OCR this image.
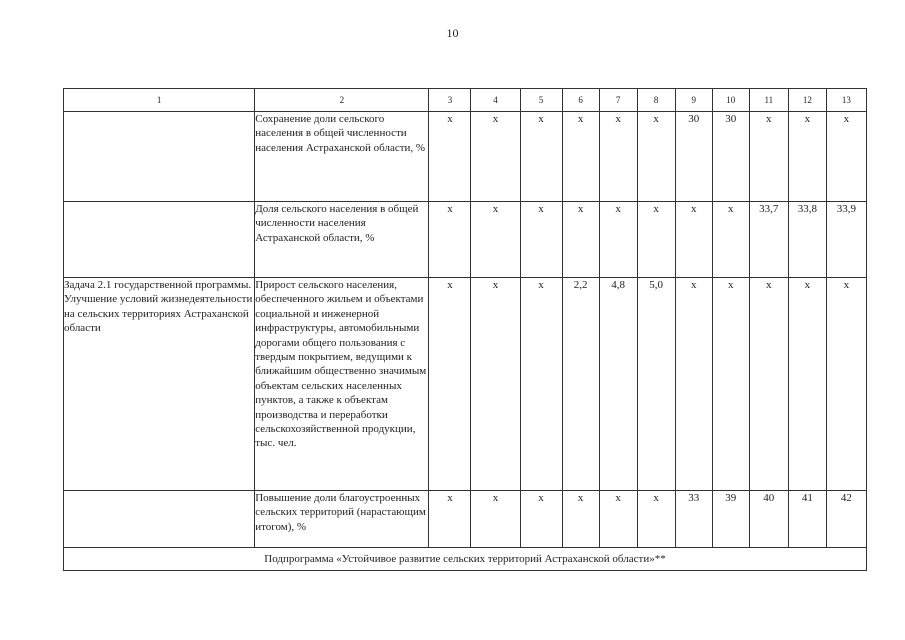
10
1	2	3	4	5	6	7	8	9	10	11	12	13
	Сохранение доли сельского населения в общей численности населения Астраханской области, %	x	x	x	x	x	x	30	30	x	x	x
	Доля сельского населения в общей численности населения Астраханской области, %	x	x	x	x	x	x	x	x	33,7	33,8	33,9
Задача 2.1 государственной программы. Улучшение условий жизнедеятельности на сельских территориях Астраханской области	Прирост сельского населения, обеспеченного жильем и объектами социальной и инженерной инфраструктуры, автомобильными дорогами общего пользования с твердым покрытием, ведущими к ближайшим общественно значимым объектам сельских населенных пунктов, а также к объектам производства и переработки сельскохозяйственной продукции, тыс. чел.	x	x	x	2,2	4,8	5,0	x	x	x	x	x
	Повышение доли благоустроенных сельских территорий (нарастающим итогом), %	x	x	x	x	x	x	33	39	40	41	42
Подпрограмма «Устойчивое развитие сельских территорий Астраханской области»**												
